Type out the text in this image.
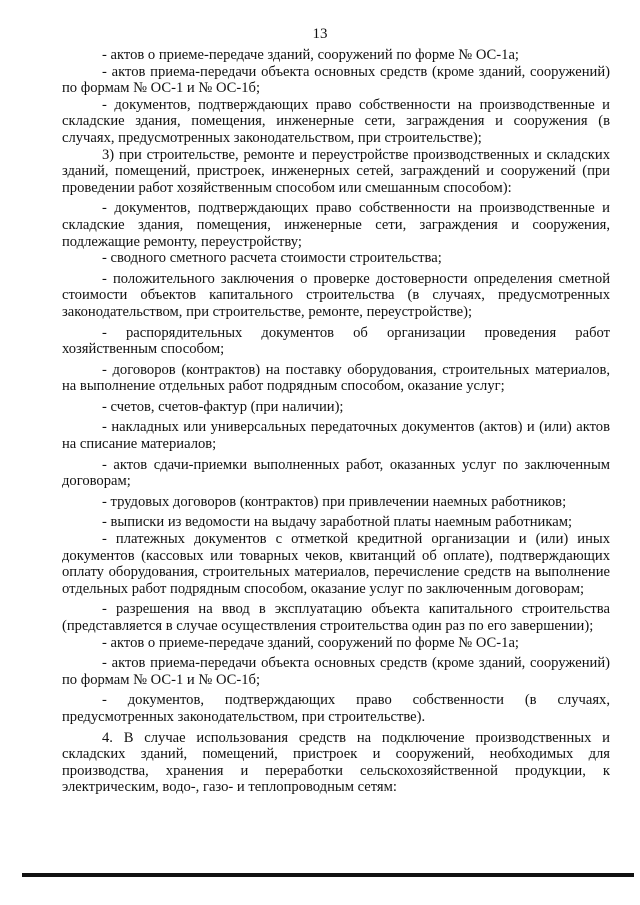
13

- актов о приеме-передаче зданий, сооружений по форме № ОС-1а;

- актов приема-передачи объекта основных средств (кроме зданий, сооружений) по формам № ОС-1 и № ОС-1б;

- документов, подтверждающих право собственности на производственные и складские здания, помещения, инженерные сети, заграждения и сооружения (в случаях, предусмотренных законодательством, при строительстве);

3) при строительстве, ремонте и переустройстве производственных и складских зданий, помещений, пристроек, инженерных сетей, заграждений и сооружений (при проведении работ хозяйственным способом или смешанным способом):

- документов, подтверждающих право собственности на производственные и складские здания, помещения, инженерные сети, заграждения и сооружения, подлежащие ремонту, переустройству;

- сводного сметного расчета стоимости строительства;

- положительного заключения о проверке достоверности определения сметной стоимости объектов капитального строительства (в случаях, предусмотренных законодательством, при строительстве, ремонте, переустройстве);

- распорядительных документов об организации проведения работ хозяйственным способом;

- договоров (контрактов) на поставку оборудования, строительных материалов, на выполнение отдельных работ подрядным способом, оказание услуг;

- счетов, счетов-фактур (при наличии);

- накладных или универсальных передаточных документов (актов) и (или) актов на списание материалов;

- актов сдачи-приемки выполненных работ, оказанных услуг по заключенным договорам;

- трудовых договоров (контрактов) при привлечении наемных работников;

- выписки из ведомости на выдачу заработной платы наемным работникам;

- платежных документов с отметкой кредитной организации и (или) иных документов (кассовых или товарных чеков, квитанций об оплате), подтверждающих оплату оборудования, строительных материалов, перечисление средств на выполнение отдельных работ подрядным способом, оказание услуг по заключенным договорам;

- разрешения на ввод в эксплуатацию объекта капитального строительства (представляется в случае осуществления строительства один раз по его завершении);

- актов о приеме-передаче зданий, сооружений по форме № ОС-1а;

- актов приема-передачи объекта основных средств (кроме зданий, сооружений) по формам № ОС-1 и № ОС-1б;

- документов, подтверждающих право собственности (в случаях, предусмотренных законодательством, при строительстве).

4. В случае использования средств на подключение производственных и складских зданий, помещений, пристроек и сооружений, необходимых для производства, хранения и переработки сельскохозяйственной продукции, к электрическим, водо-, газо- и теплопроводным сетям:
